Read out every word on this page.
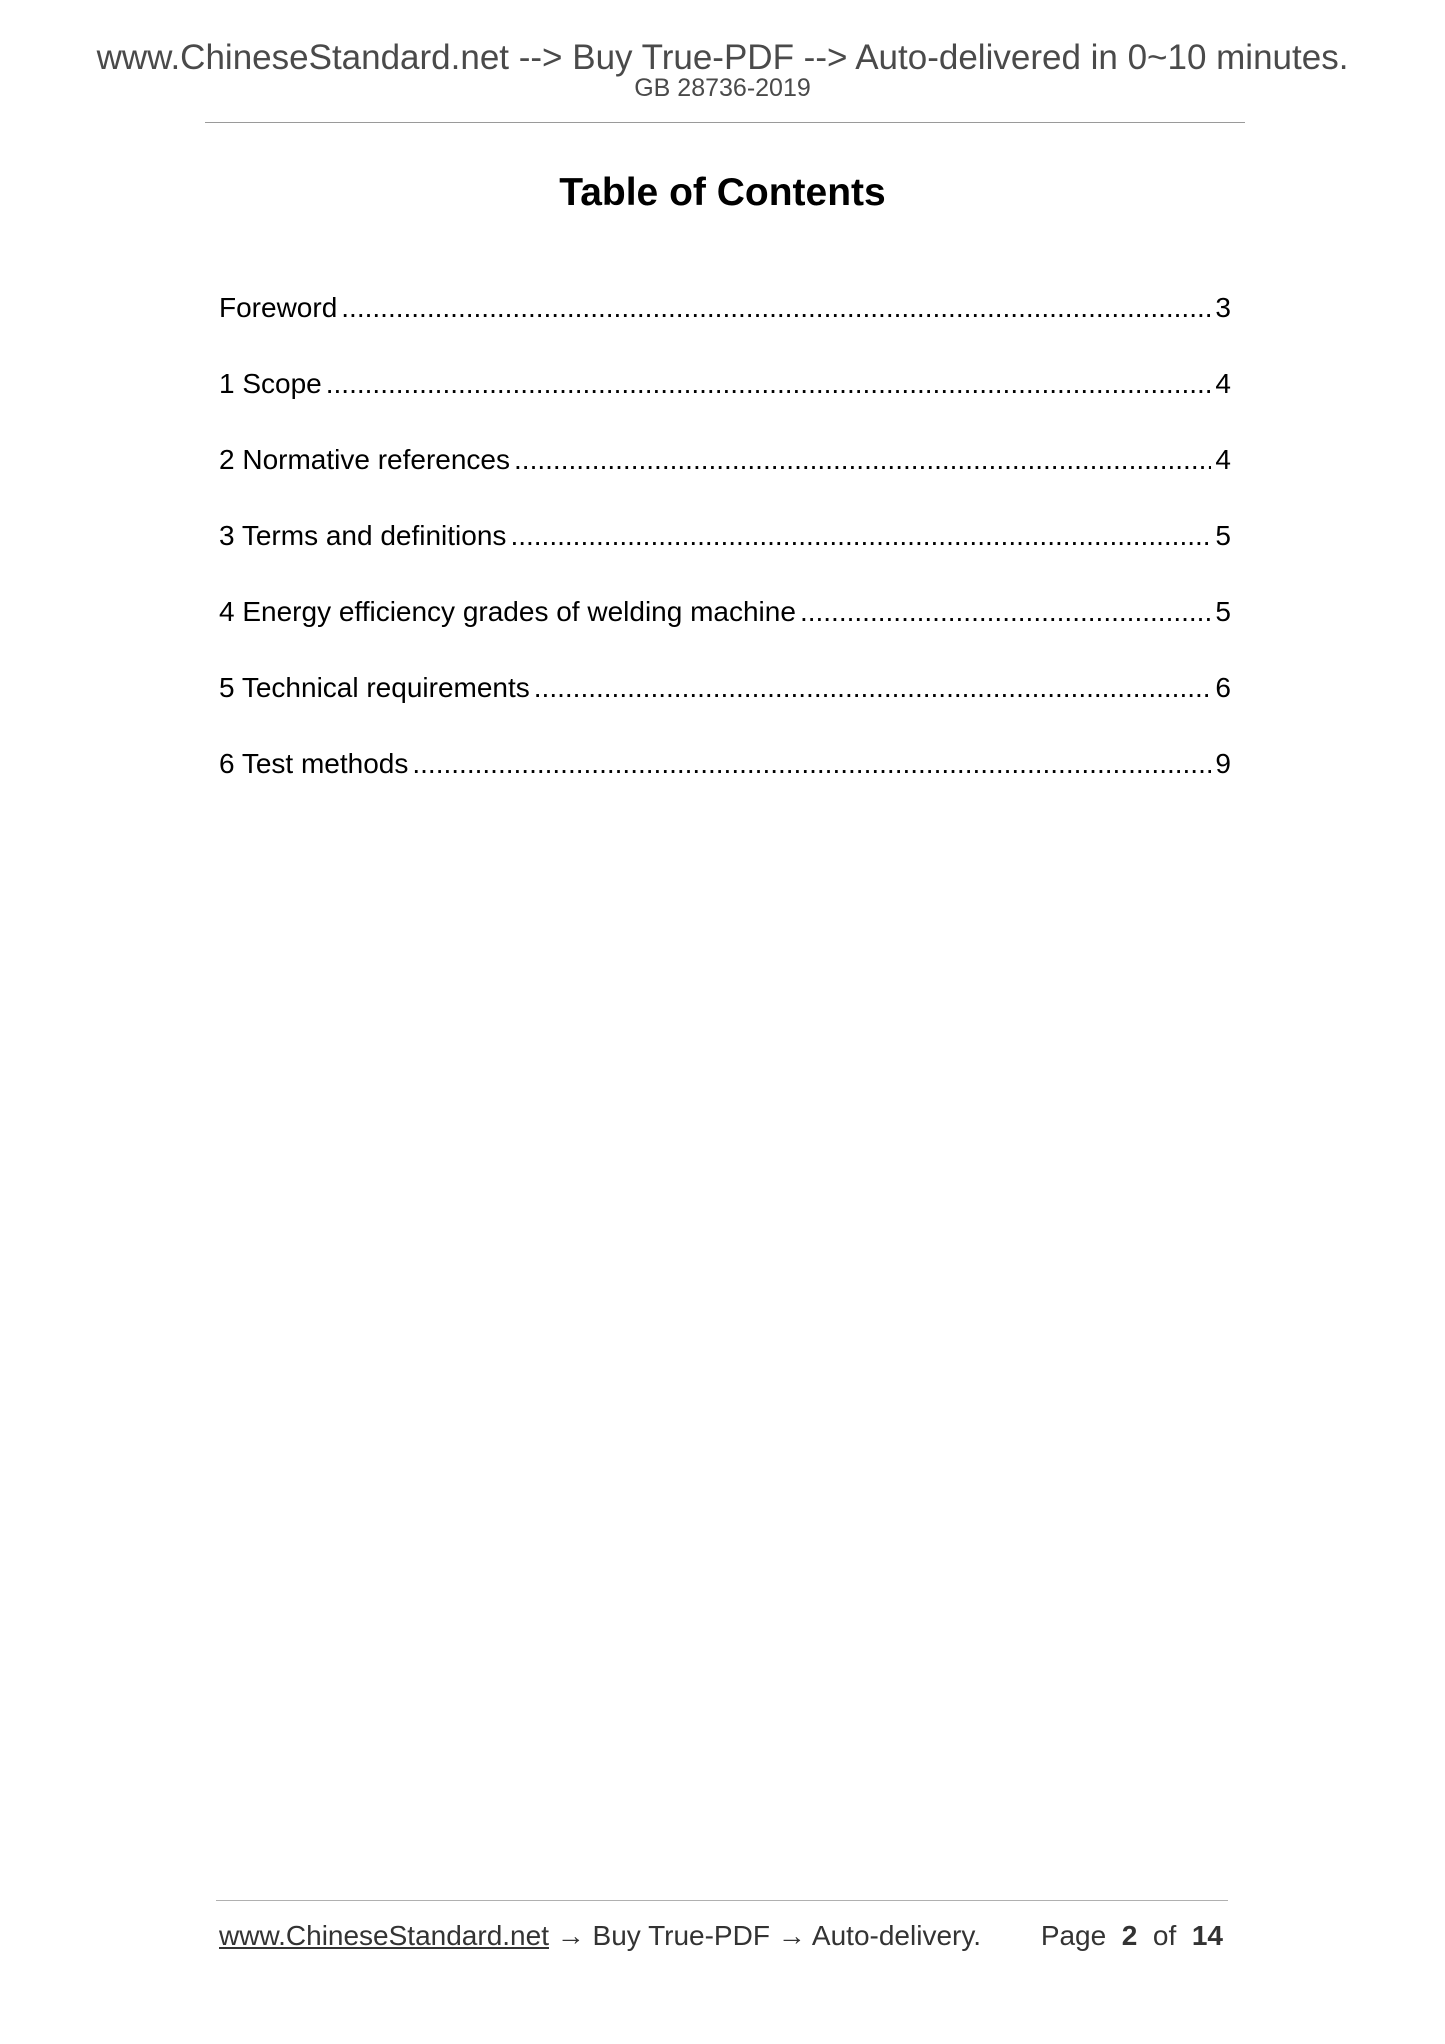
www.ChineseStandard.net --> Buy True-PDF --> Auto-delivered in 0~10 minutes.
GB 28736-2019
Table of Contents
Foreword .....	3
1 Scope .....	4
2 Normative references .....	4
3 Terms and definitions .....	5
4 Energy efficiency grades of welding machine .....	5
5 Technical requirements .....	6
6 Test methods .....	9
www.ChineseStandard.net → Buy True-PDF → Auto-delivery. Page 2 of 14
